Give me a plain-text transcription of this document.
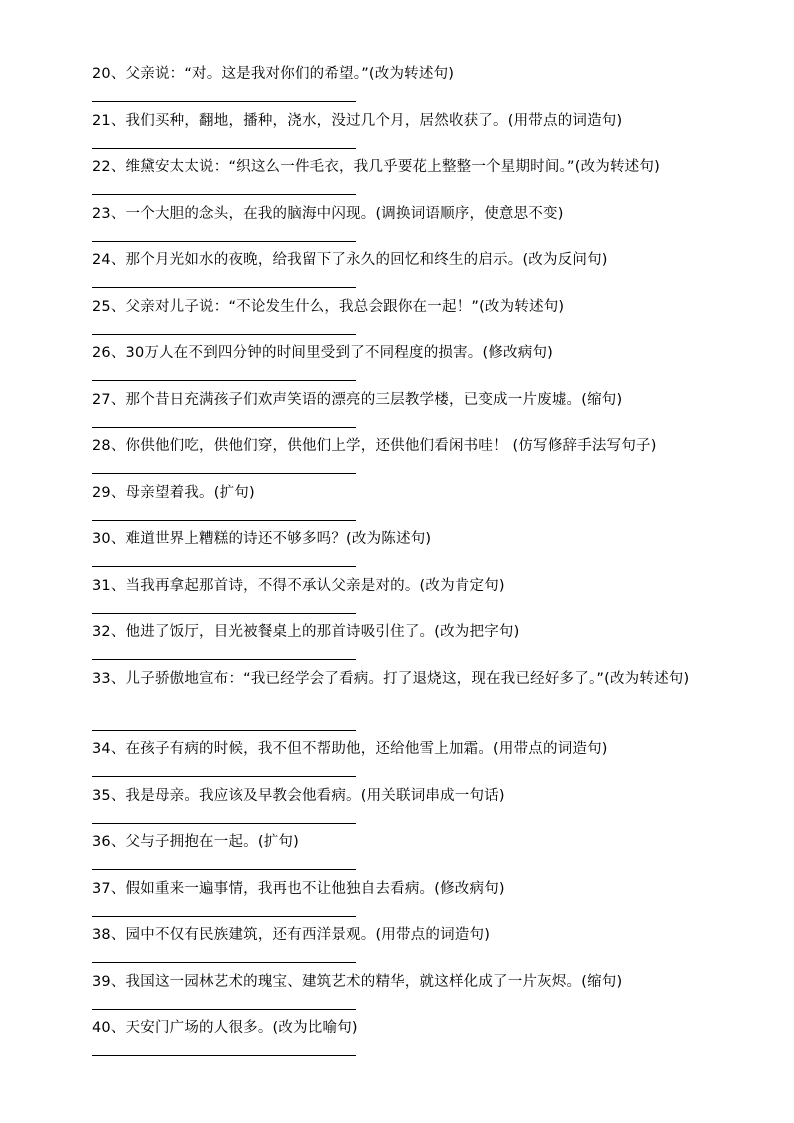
20、父亲说：“对。这是我对你们的希望。”(改为转述句)
21、我们买种，翻地，播种，浇水，没过几个月，居然收获了。(用带点的词造句)
22、维黛安太太说：“织这么一件毛衣，我几乎要花上整整一个星期时间。”(改为转述句)
23、一个大胆的念头，在我的脑海中闪现。(调换词语顺序，使意思不变)
24、那个月光如水的夜晚，给我留下了永久的回忆和终生的启示。(改为反问句)
25、父亲对儿子说：“不论发生什么，我总会跟你在一起！”(改为转述句)
26、30万人在不到四分钟的时间里受到了不同程度的损害。(修改病句)
27、那个昔日充满孩子们欢声笑语的漂亮的三层教学楼，已变成一片废墟。(缩句)
28、你供他们吃，供他们穿，供他们上学，还供他们看闲书哇！ (仿写修辞手法写句子)
29、母亲望着我。(扩句)
30、难道世界上糟糕的诗还不够多吗？(改为陈述句)
31、当我再拿起那首诗，不得不承认父亲是对的。(改为肯定句)
32、他进了饭厅，目光被餐桌上的那首诗吸引住了。(改为把字句)
33、儿子骄傲地宣布：“我已经学会了看病。打了退烧这，现在我已经好多了。”(改为转述句)
34、在孩子有病的时候，我不但不帮助他，还给他雪上加霜。(用带点的词造句)
35、我是母亲。我应该及早教会他看病。(用关联词串成一句话)
36、父与子拥抱在一起。(扩句)
37、假如重来一遍事情，我再也不让他独自去看病。(修改病句)
38、园中不仅有民族建筑，还有西洋景观。(用带点的词造句)
39、我国这一园林艺术的瑰宝、建筑艺术的精华，就这样化成了一片灰烬。(缩句)
40、天安门广场的人很多。(改为比喻句)
